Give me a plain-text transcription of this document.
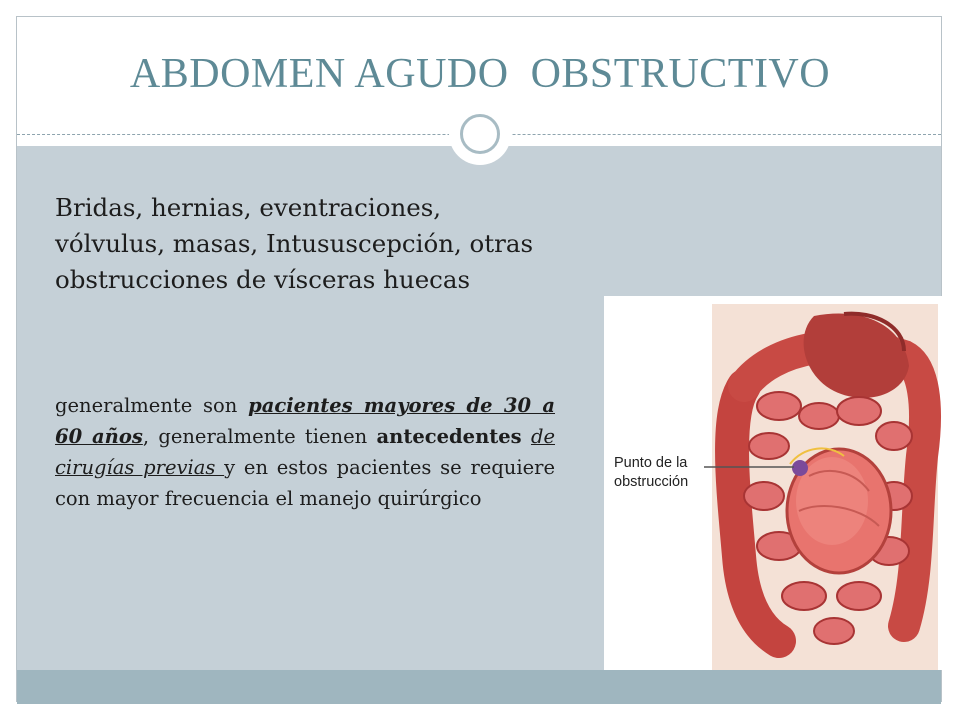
ABDOMEN AGUDO  OBSTRUCTIVO
Bridas, hernias, eventraciones, vólvulus, masas, Intususcepción, otras obstrucciones de vísceras huecas
generalmente son pacientes mayores de 30 a 60 años, generalmente tienen antecedentes de cirugías previas y en estos pacientes se requiere con mayor frecuencia el manejo quirúrgico
Punto de la
obstrucción
